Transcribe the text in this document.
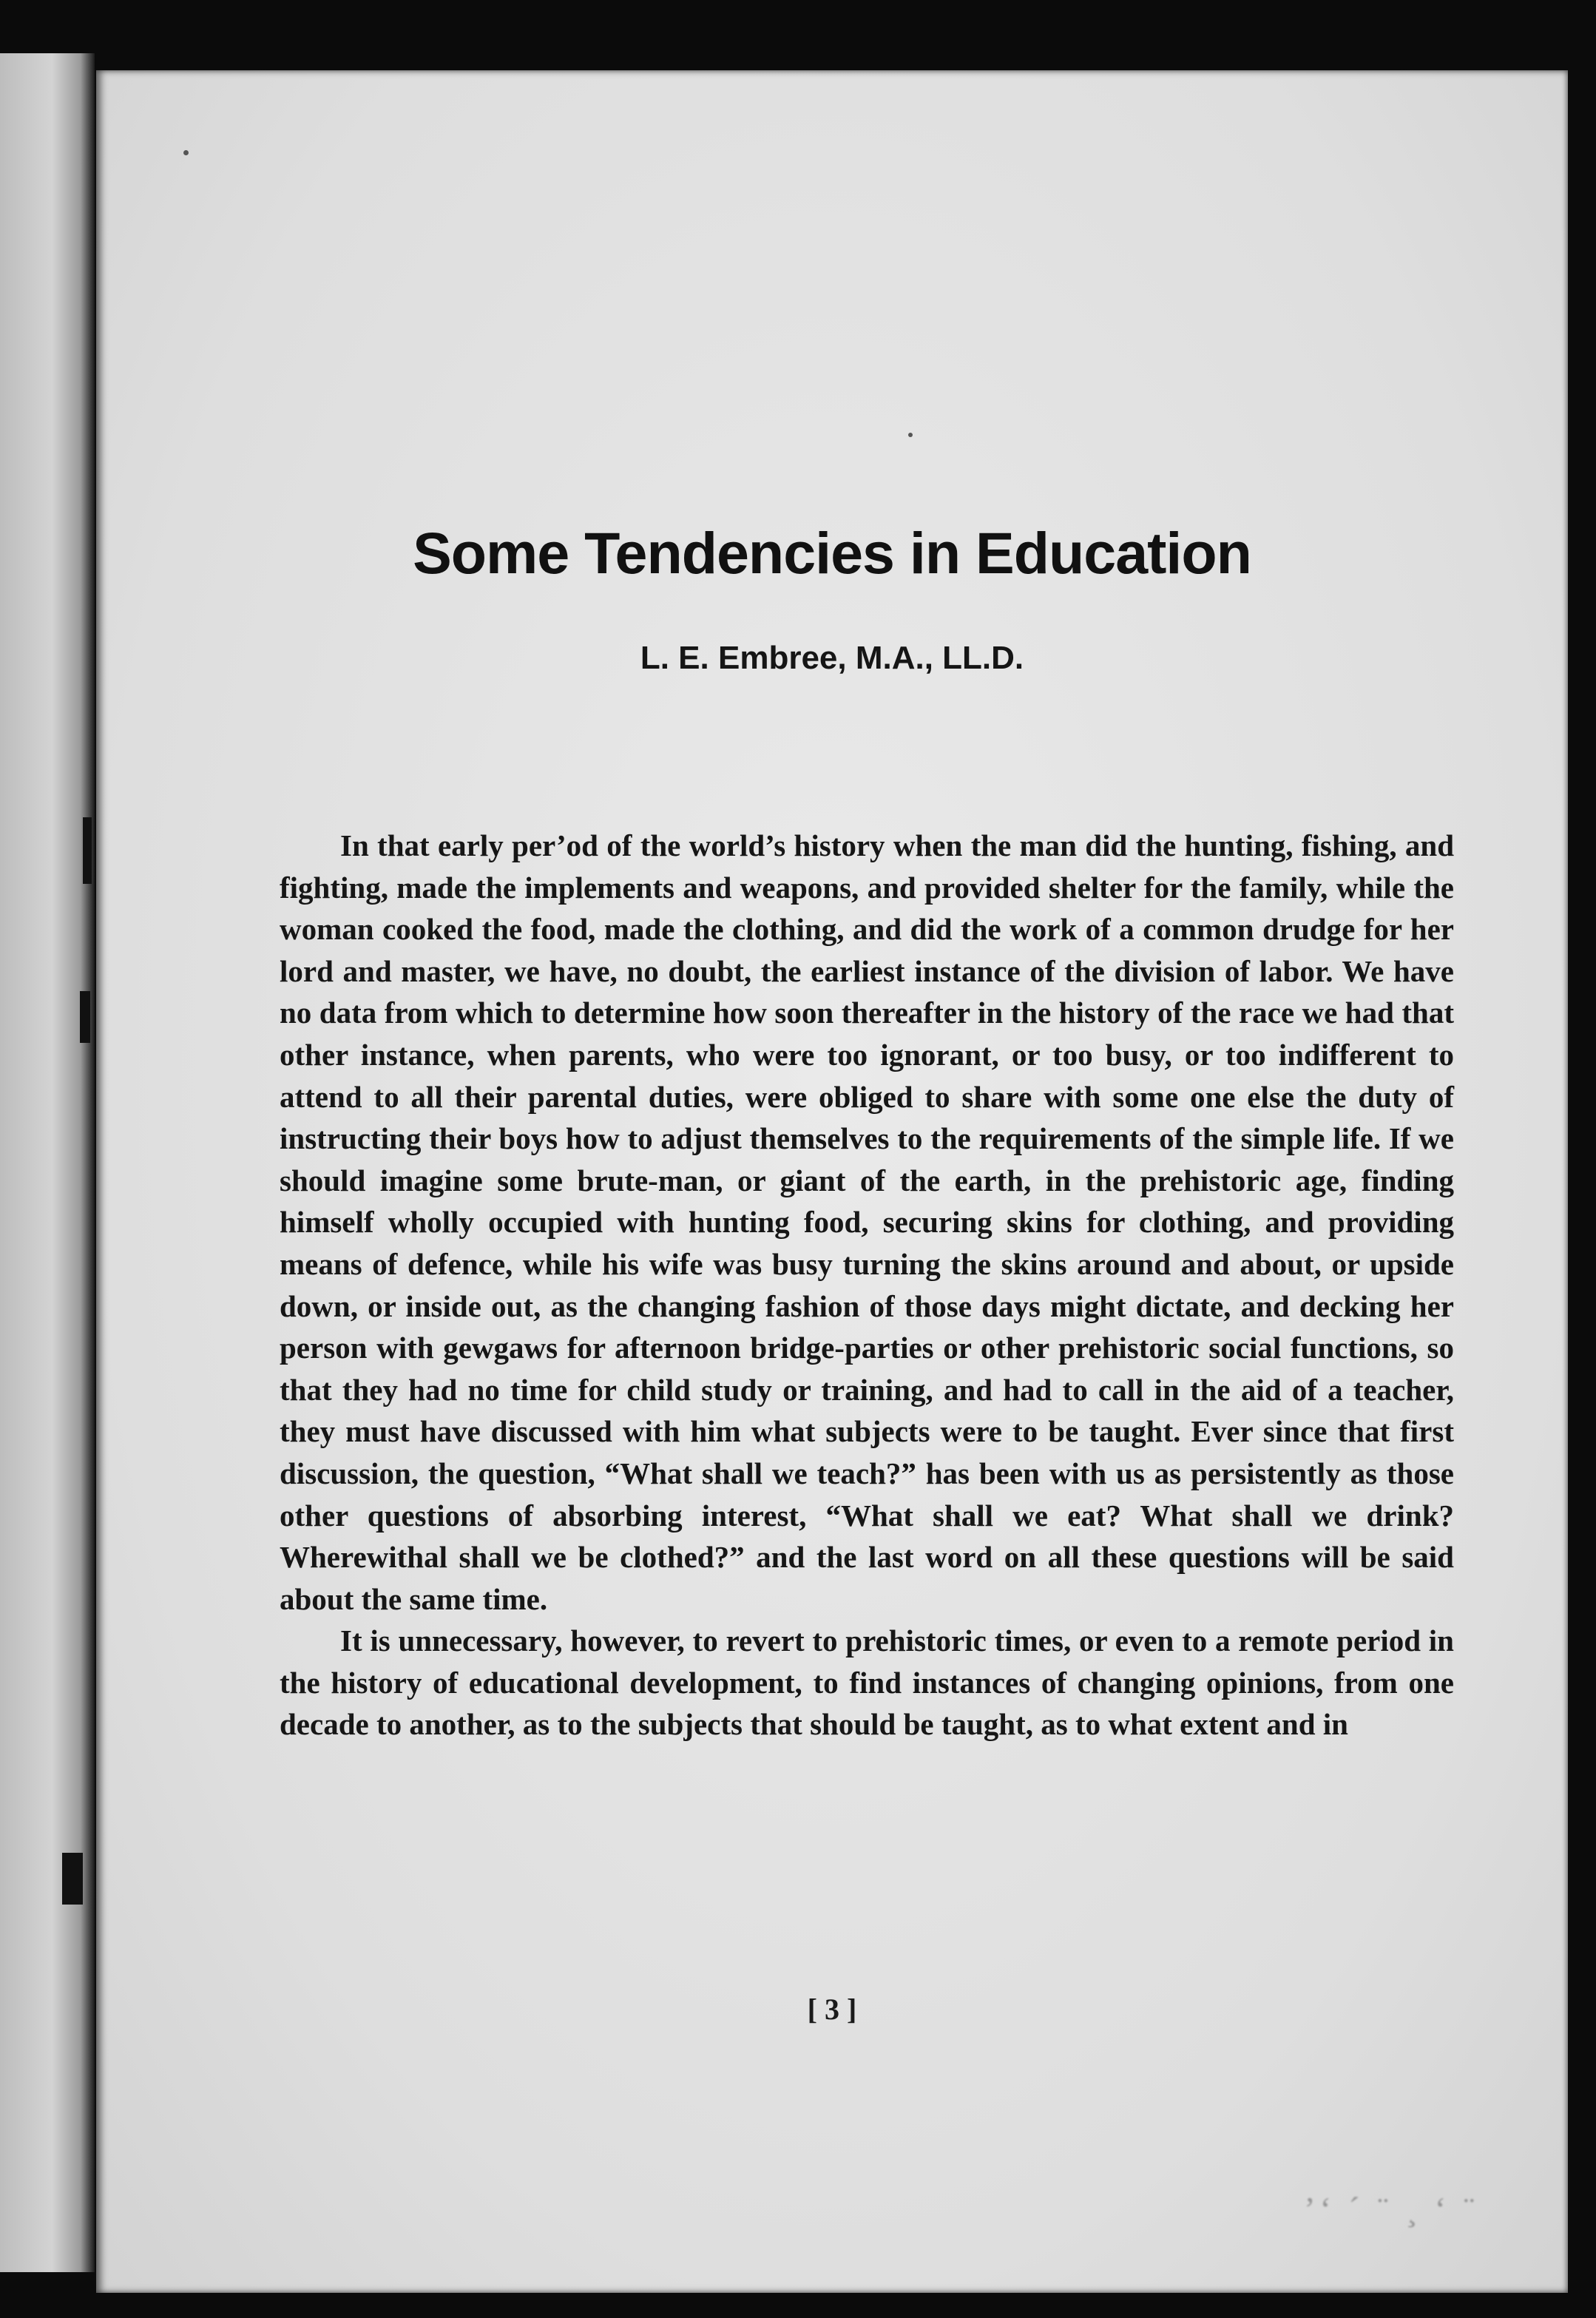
Some Tendencies in Education
L. E. Embree, M.A., LL.D.

In that early per’od of the world’s history when the man did the hunting, fishing, and fighting, made the implements and weapons, and provided shelter for the family, while the woman cooked the food, made the clothing, and did the work of a common drudge for her lord and master, we have, no doubt, the earliest instance of the division of labor. We have no data from which to determine how soon thereafter in the history of the race we had that other instance, when parents, who were too ignorant, or too busy, or too indifferent to attend to all their parental duties, were obliged to share with some one else the duty of instructing their boys how to adjust themselves to the requirements of the simple life. If we should imagine some brute-man, or giant of the earth, in the prehistoric age, finding himself wholly occupied with hunting food, securing skins for clothing, and providing means of defence, while his wife was busy turning the skins around and about, or upside down, or inside out, as the changing fashion of those days might dictate, and decking her person with gewgaws for afternoon bridge-parties or other prehistoric social functions, so that they had no time for child study or training, and had to call in the aid of a teacher, they must have discussed with him what subjects were to be taught. Ever since that first discussion, the question, “What shall we teach?” has been with us as persistently as those other questions of absorbing interest, “What shall we eat? What shall we drink? Wherewithal shall we be clothed?” and the last word on all these questions will be said about the same time.

It is unnecessary, however, to revert to prehistoric times, or even to a remote period in the history of educational development, to find instances of changing opinions, from one decade to another, as to the subjects that should be taught, as to what extent and in

[ 3 ]
’‘ ´ ¨ ¸ ‘ ¨
